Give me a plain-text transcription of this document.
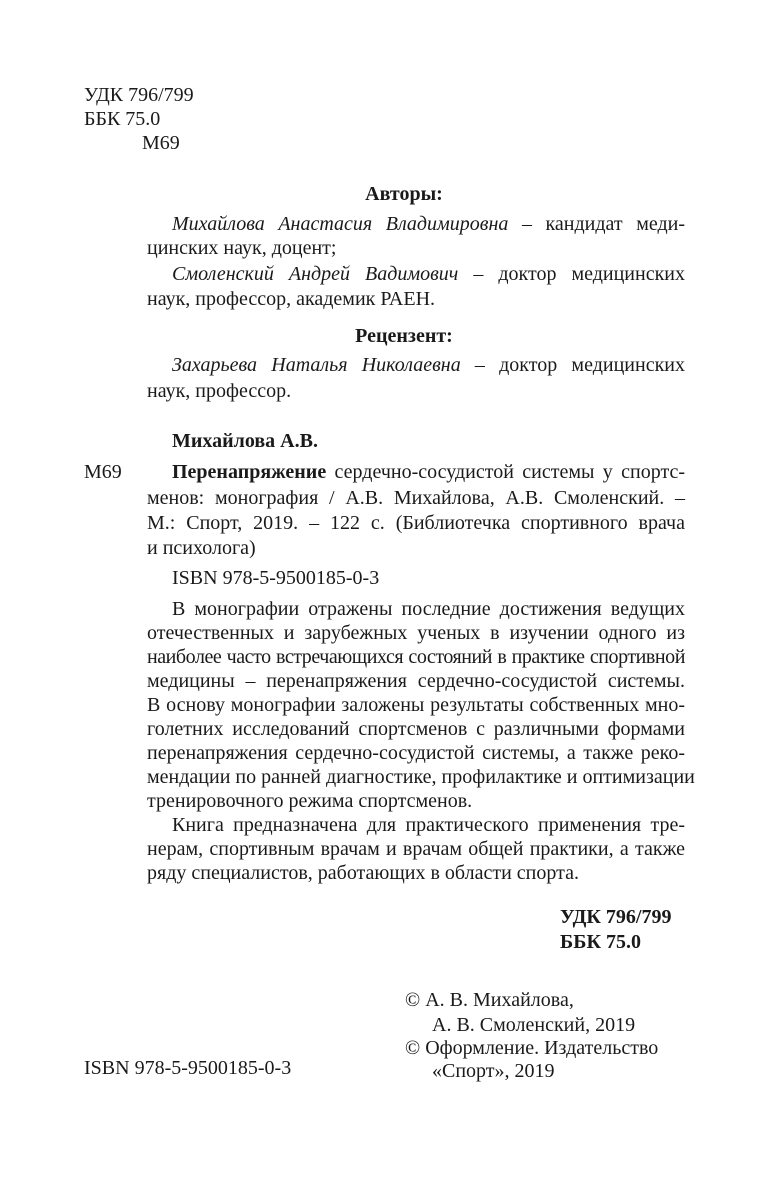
УДК 796/799
ББК 75.0
М69
Авторы:
Михайлова Анастасия Владимировна – кандидат меди-
цинских наук, доцент;
Смоленский Андрей Вадимович – доктор медицинских
наук, профессор, академик РАЕН.
Рецензент:
Захарьева Наталья Николаевна – доктор медицинских
наук, профессор.
Михайлова А.В.
М69	Перенапряжение сердечно-сосудистой системы у спортс-
менов: монография / А.В. Михайлова, А.В. Смоленский. –
М.: Спорт, 2019. – 122 с. (Библиотечка спортивного врача
и психолога)
ISBN 978-5-9500185-0-3
В монографии отражены последние достижения ведущих
отечественных и зарубежных ученых в изучении одного из
наиболее часто встречающихся состояний в практике спортивной
медицины – перенапряжения сердечно-сосудистой системы.
В основу монографии заложены результаты собственных мно-
голетних исследований спортсменов с различными формами
перенапряжения сердечно-сосудистой системы, а также реко-
мендации по ранней диагностике, профилактике и оптимизации
тренировочного режима спортсменов.
Книга предназначена для практического применения тре-
нерам, спортивным врачам и врачам общей практики, а также
ряду специалистов, работающих в области спорта.
УДК 796/799
ББК 75.0
ISBN 978-5-9500185-0-3
© А. В. Михайлова,
А. В. Смоленский, 2019
© Оформление. Издательство
«Спорт», 2019
